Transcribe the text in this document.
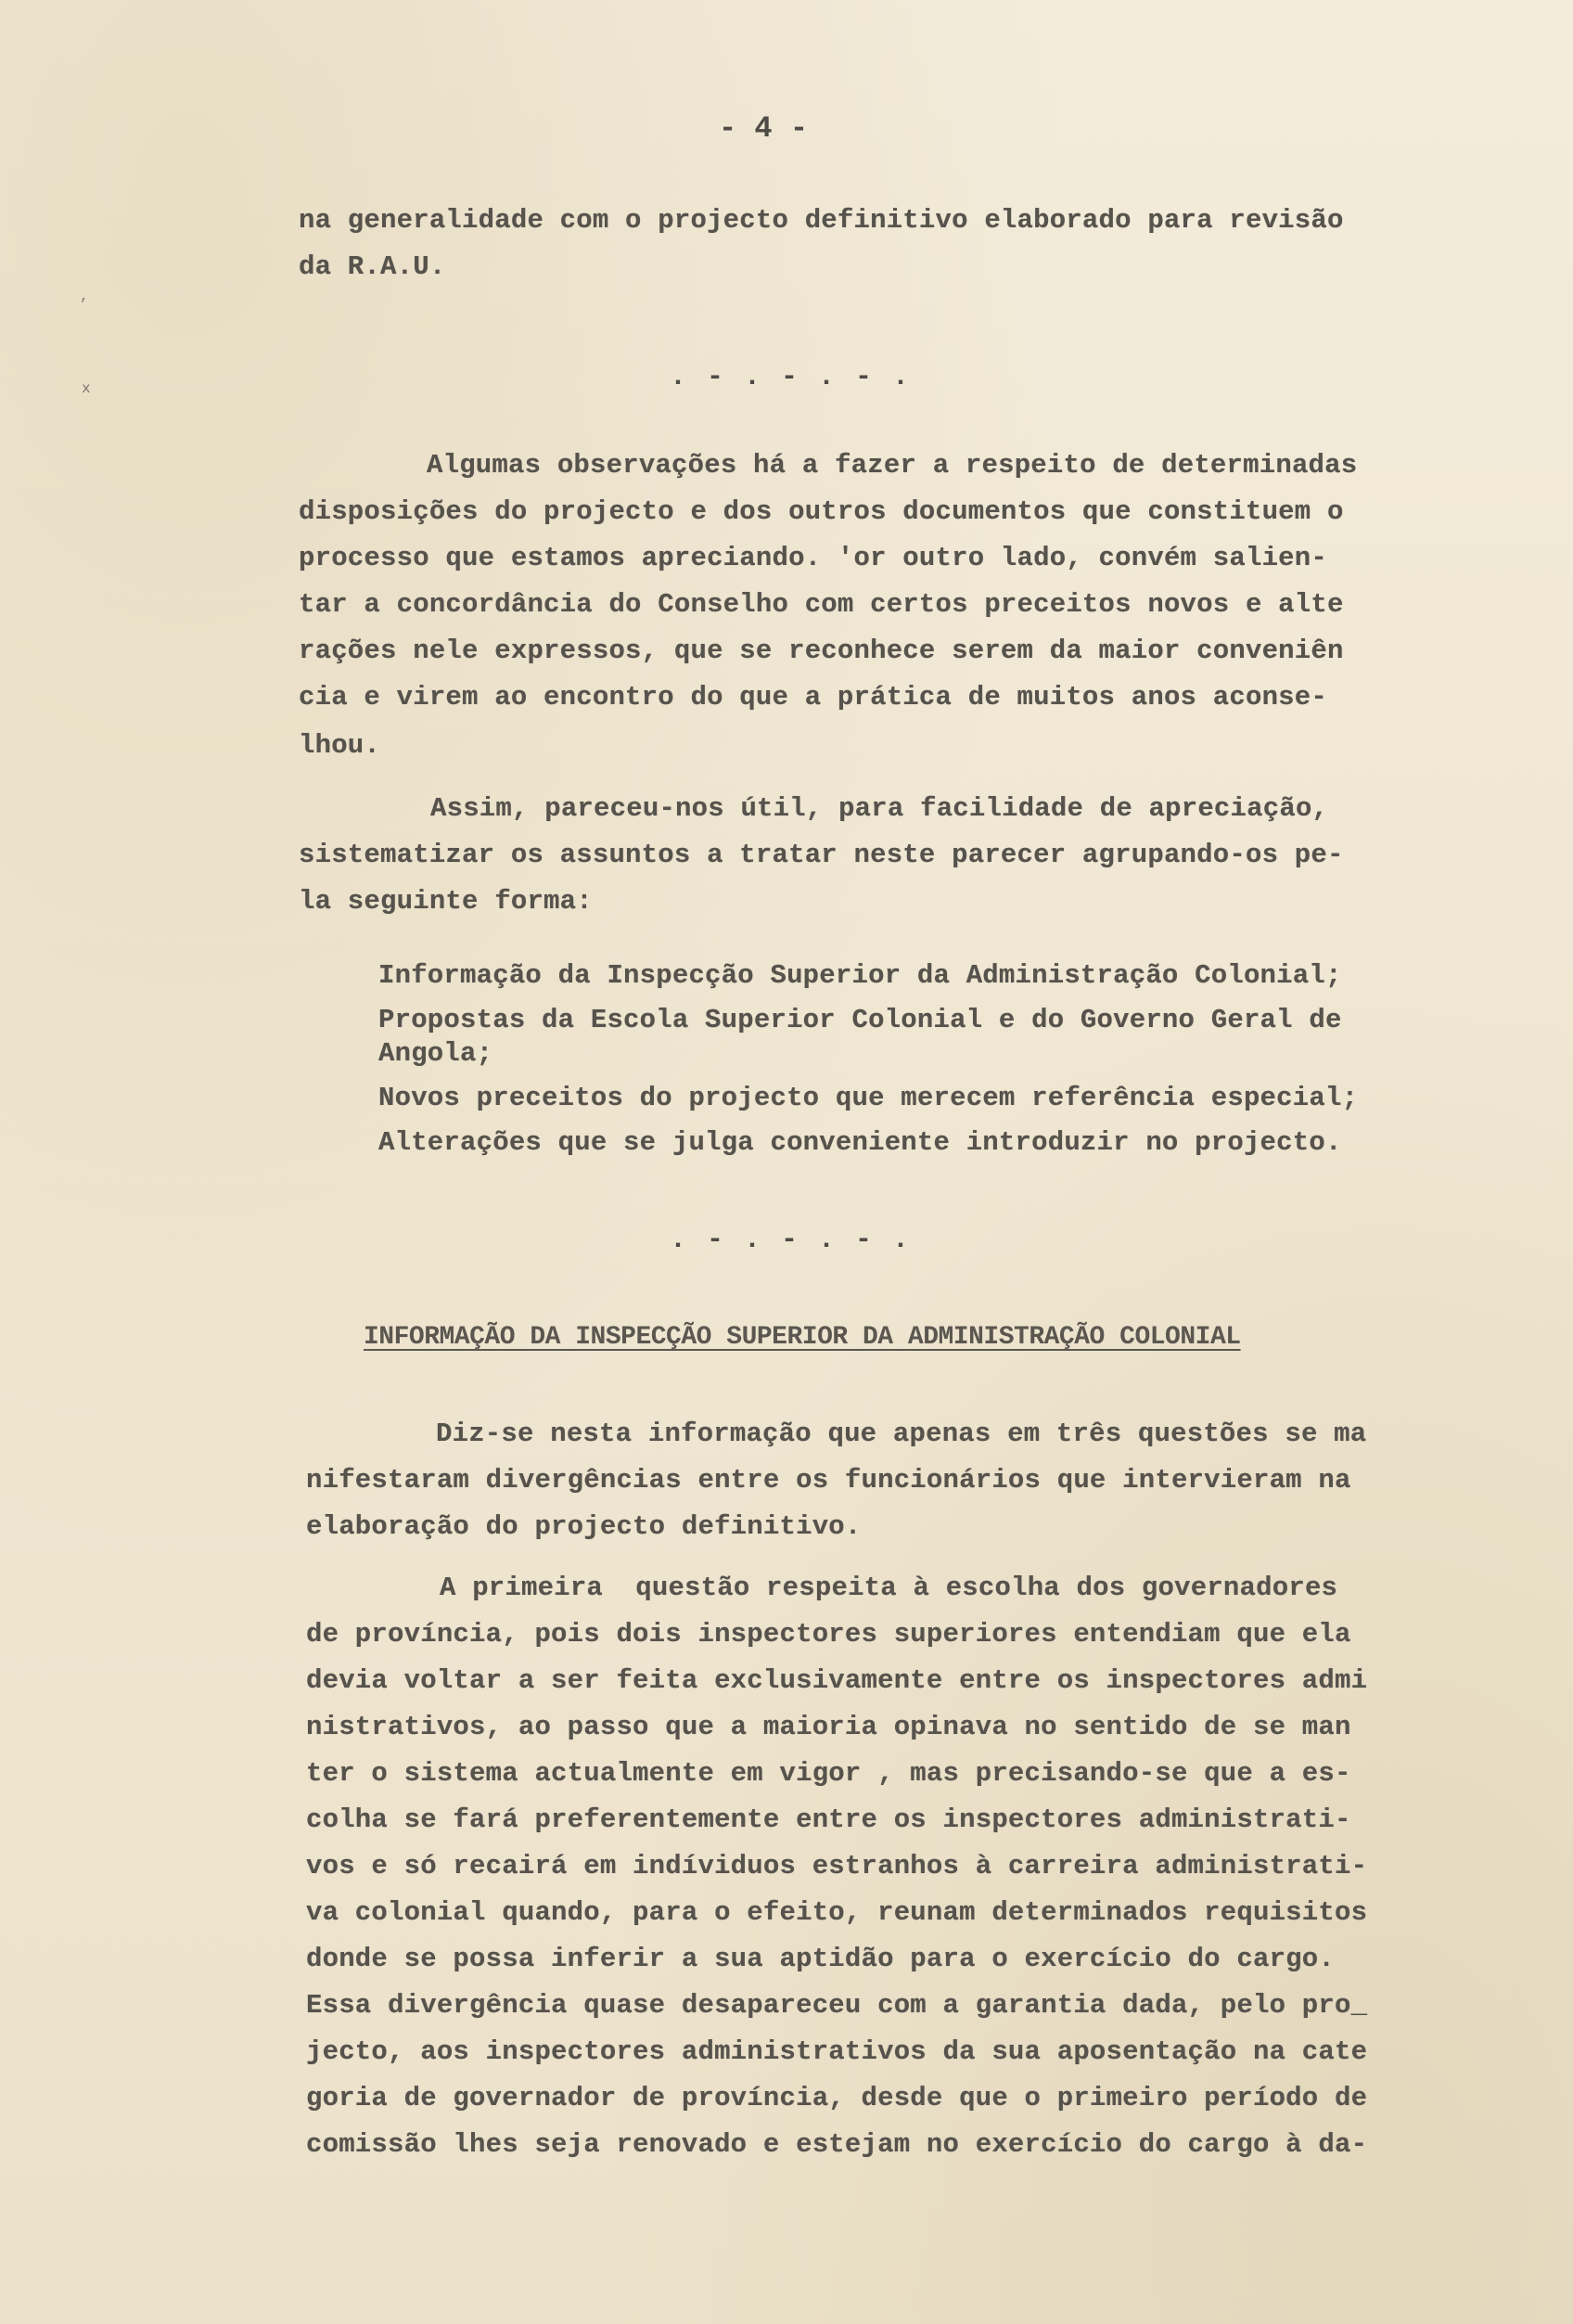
,
x
- 4 -
na generalidade com o projecto definitivo elaborado para revisão
da R.A.U.
. - . - . - .
Algumas observações há a fazer a respeito de determinadas
disposições do projecto e dos outros documentos que constituem o
processo que estamos apreciando. 'or outro lado, convém salien-
tar a concordância do Conselho com certos preceitos novos e alte
rações nele expressos, que se reconhece serem da maior conveniên
cia e virem ao encontro do que a prática de muitos anos aconse-
lhou.
Assim, pareceu-nos útil, para facilidade de apreciação,
sistematizar os assuntos a tratar neste parecer agrupando-os pe-
la seguinte forma:
Informação da Inspecção Superior da Administração Colonial;
Propostas da Escola Superior Colonial e do Governo Geral de
Angola;
Novos preceitos do projecto que merecem referência especial;
Alterações que se julga conveniente introduzir no projecto.
. - . - . - .
INFORMAÇÃO DA INSPECÇÃO SUPERIOR DA ADMINISTRAÇÃO COLONIAL
Diz-se nesta informação que apenas em três questões se ma
nifestaram divergências entre os funcionários que intervieram na
elaboração do projecto definitivo.
A primeira  questão respeita à escolha dos governadores
de província, pois dois inspectores superiores entendiam que ela
devia voltar a ser feita exclusivamente entre os inspectores admi
nistrativos, ao passo que a maioria opinava no sentido de se man
ter o sistema actualmente em vigor , mas precisando-se que a es-
colha se fará preferentemente entre os inspectores administrati-
vos e só recairá em indíviduos estranhos à carreira administrati-
va colonial quando, para o efeito, reunam determinados requisitos
donde se possa inferir a sua aptidão para o exercício do cargo.
Essa divergência quase desapareceu com a garantia dada, pelo pro_
jecto, aos inspectores administrativos da sua aposentação na cate
goria de governador de província, desde que o primeiro período de
comissão lhes seja renovado e estejam no exercício do cargo à da-
